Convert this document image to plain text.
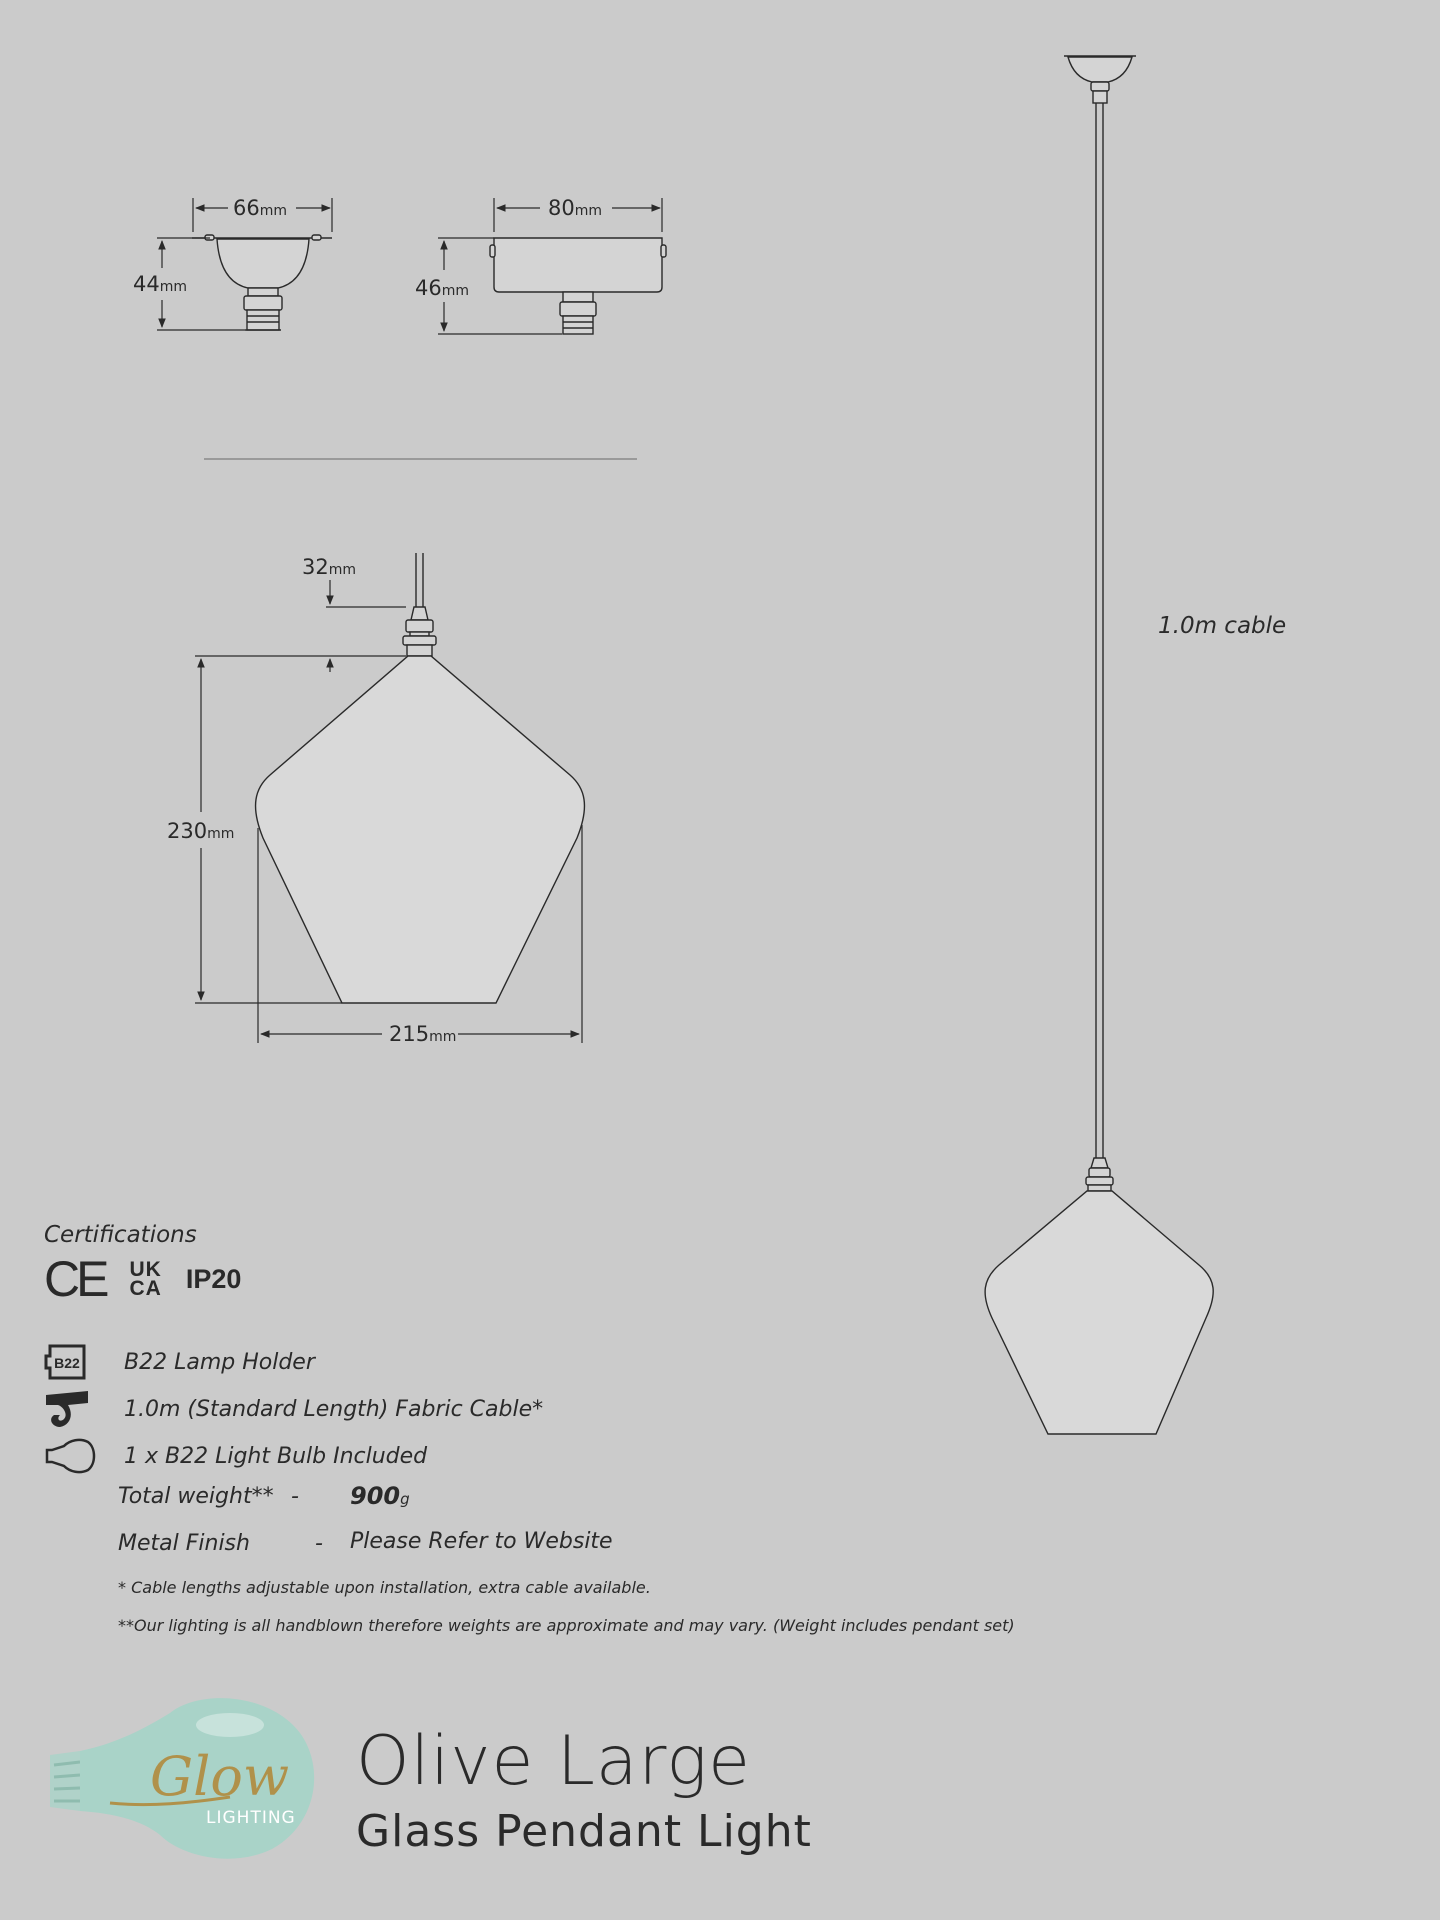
66mm
44mm
80mm
46mm
32mm
230mm
215mm
1.0m cable
Certifications
CE UK
CA IP20
B22 B22 Lamp Holder
1.0m (Standard Length) Fabric Cable*
1 x B22 Light Bulb Included
Total weight** - 900g
Metal Finish	- Please Refer to Website
* Cable lengths adjustable upon installation, extra cable available.
**Our lighting is all handblown therefore weights are approximate and may vary. (Weight includes pendant set)
Glow
LIGHTING
Olive Large
Glass Pendant Light
